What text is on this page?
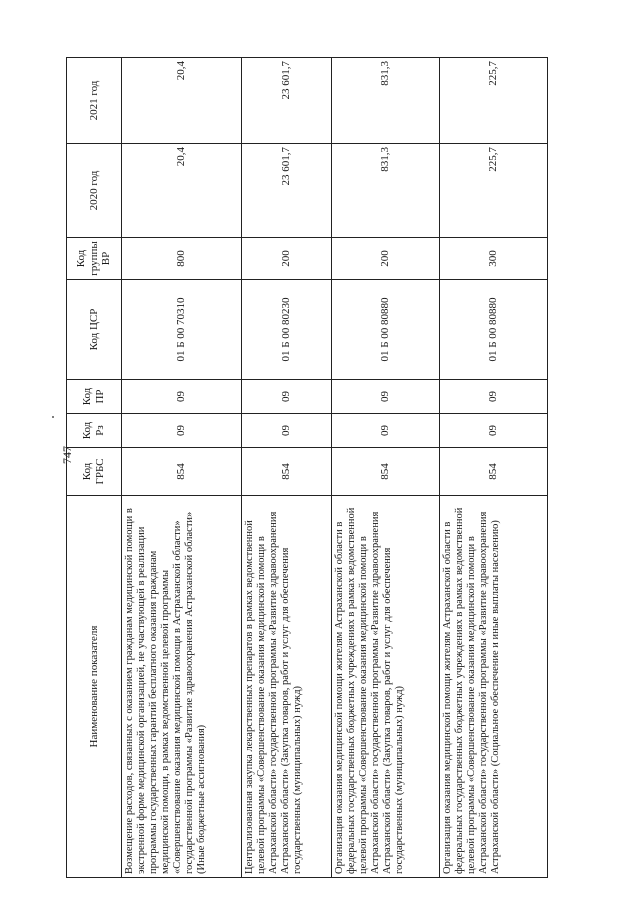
747
Наименование показателя	Код ГРБС	Код Рз	Код ПР	Код ЦСР	Код группы ВР	2020 год	2021 год
Возмещение расходов, связанных с оказанием гражданам медицинской помощи в экстренной форме медицинской организацией, не участвующей в реализации программы государственных гарантий бесплатного оказания гражданам медицинской помощи, в рамках ведомственной целевой программы «Совершенствование оказания медицинской помощи в Астраханской области» государственной программы «Развитие здравоохранения Астраханской области» (Иные бюджетные ассигнования)	854	09	09	01 Б 00 70310	800	20,4	20,4
Централизованная закупка лекарственных препаратов в рамках ведомственной целевой программы «Совершенствование оказания медицинской помощи в Астраханской области» государственной программы «Развитие здравоохранения Астраханской области» (Закупка товаров, работ и услуг для обеспечения государственных (муниципальных) нужд)	854	09	09	01 Б 00 80230	200	23 601,7	23 601,7
Организация оказания медицинской помощи жителям Астраханской области в федеральных государственных бюджетных учреждениях в рамках ведомственной целевой программы «Совершенствование оказания медицинской помощи в Астраханской области» государственной программы «Развитие здравоохранения Астраханской области» (Закупка товаров, работ и услуг для обеспечения государственных (муниципальных) нужд)	854	09	09	01 Б 00 80880	200	831,3	831,3
Организация оказания медицинской помощи жителям Астраханской области в федеральных государственных бюджетных учреждениях в рамках ведомственной целевой программы «Совершенствование оказания медицинской помощи в Астраханской области» государственной программы «Развитие здравоохранения Астраханской области» (Социальное обеспечение и иные выплаты населению)	854	09	09	01 Б 00 80880	300	225,7	225,7
